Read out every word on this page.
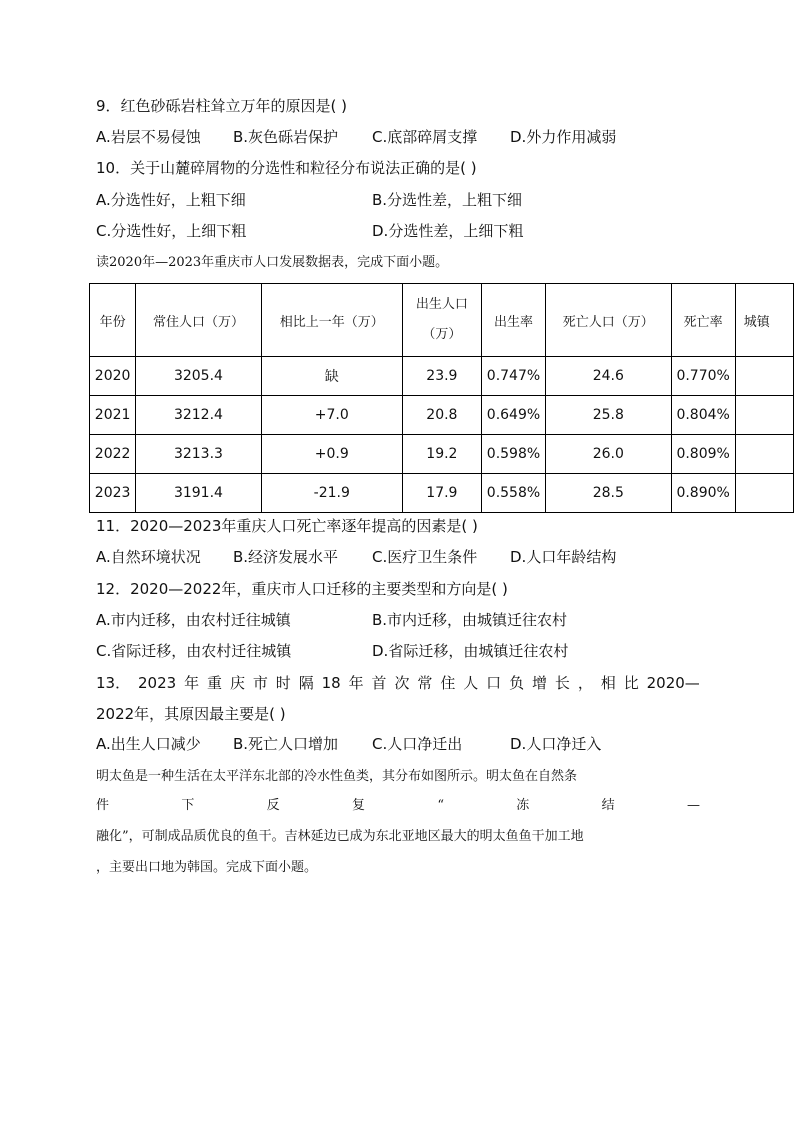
9．红色砂砾岩柱耸立万年的原因是( )
A.岩层不易侵蚀 B.灰色砾岩保护 C.底部碎屑支撑 D.外力作用减弱
10．关于山麓碎屑物的分选性和粒径分布说法正确的是( )
A.分选性好，上粗下细	B.分选性差，上粗下细
C.分选性好，上细下粗	D.分选性差，上细下粗
读2020年—2023年重庆市人口发展数据表，完成下面小题。
年份	常住人口（万）	相比上一年（万）	出生人口
（万）	出生率	死亡人口（万）	死亡率	城镇
2020	3205.4	缺	23.9	0.747%	24.6	0.770%	
2021	3212.4	+7.0	20.8	0.649%	25.8	0.804%	
2022	3213.3	+0.9	19.2	0.598%	26.0	0.809%	
2023	3191.4	-21.9	17.9	0.558%	28.5	0.890%	
11．2020—2023年重庆人口死亡率逐年提高的因素是( )
A.自然环境状况 B.经济发展水平 C.医疗卫生条件 D.人口年龄结构
12．2020—2022年，重庆市人口迁移的主要类型和方向是( )
A.市内迁移，由农村迁往城镇	B.市内迁移，由城镇迁往农村
C.省际迁移，由农村迁往城镇	D.省际迁移，由城镇迁往农村
13． 2023 年 重 庆 市 时 隔 18 年 首 次 常 住 人 口 负 增 长 ， 相 比 2020—
2022年，其原因最主要是( )
A.出生人口减少 B.死亡人口增加 C.人口净迁出	D.人口净迁入
明太鱼是一种生活在太平洋东北部的冷水性鱼类，其分布如图所示。明太鱼在自然条
件	下	反	复	“	冻	结	—
融化”，可制成品质优良的鱼干。吉林延边已成为东北亚地区最大的明太鱼鱼干加工地
，主要出口地为韩国。完成下面小题。
